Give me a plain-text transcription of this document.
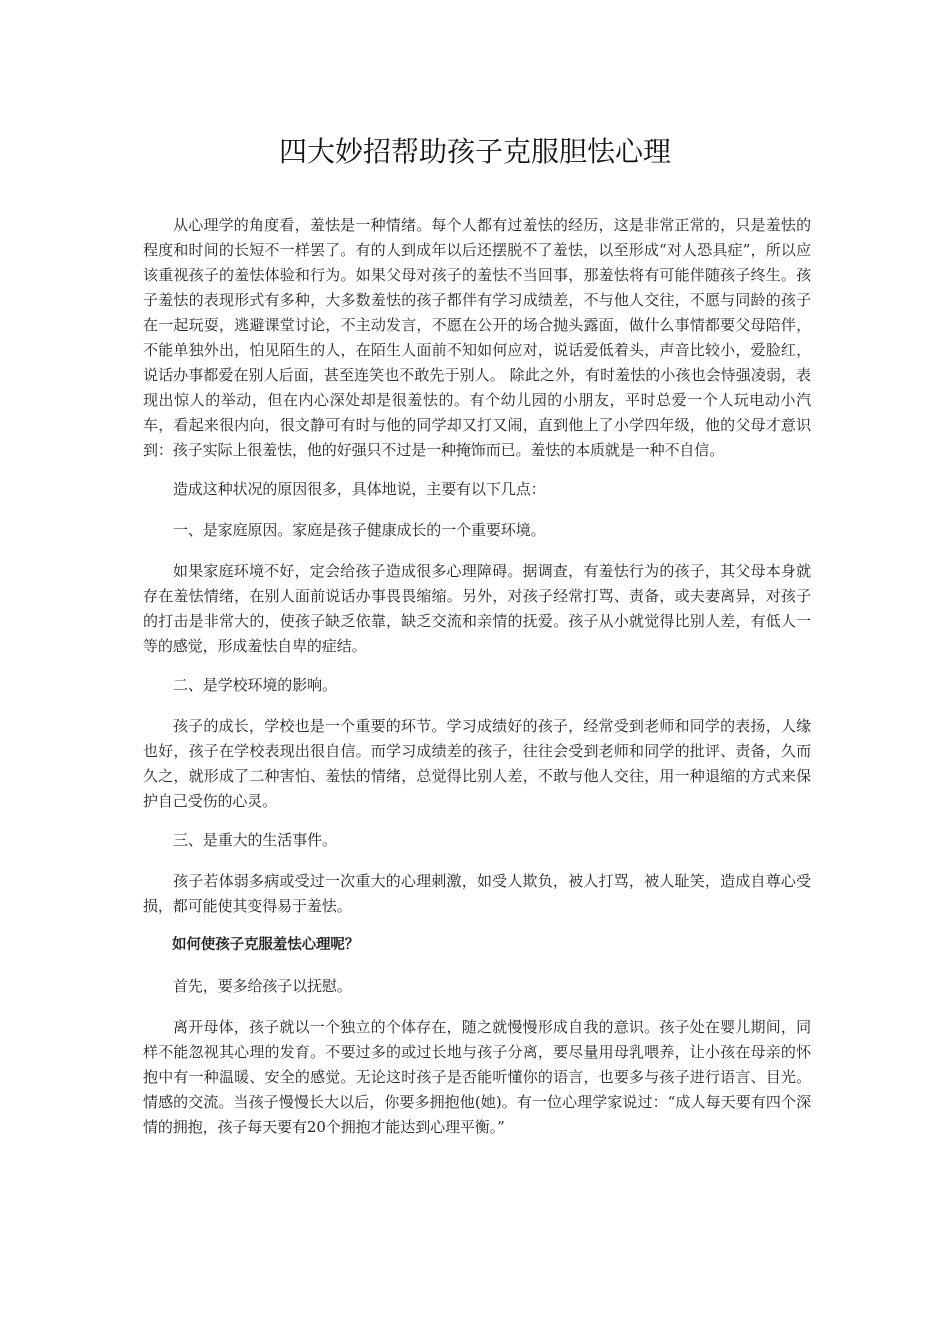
四大妙招帮助孩子克服胆怯心理

从心理学的角度看，羞怯是一种情绪。每个人都有过羞怯的经历，这是非常正常的，只是羞怯的程度和时间的长短不一样罢了。有的人到成年以后还摆脱不了羞怯，以至形成“对人恐具症”，所以应该重视孩子的羞怯体验和行为。如果父母对孩子的羞怯不当回事，那羞怯将有可能伴随孩子终生。孩子羞怯的表现形式有多种，大多数羞怯的孩子都伴有学习成绩差，不与他人交往，不愿与同龄的孩子在一起玩耍，逃避课堂讨论，不主动发言，不愿在公开的场合抛头露面，做什么事情都要父母陪伴，不能单独外出，怕见陌生的人，在陌生人面前不知如何应对，说话爱低着头，声音比较小，爱脸红，说话办事都爱在别人后面，甚至连笑也不敢先于别人。 除此之外，有时羞怯的小孩也会恃强凌弱，表现出惊人的举动，但在内心深处却是很羞怯的。有个幼儿园的小朋友，平时总爱一个人玩电动小汽车，看起来很内向，很文静可有时与他的同学却又打又闹，直到他上了小学四年级，他的父母才意识到：孩子实际上很羞怯，他的好强只不过是一种掩饰而已。羞怯的本质就是一种不自信。

造成这种状况的原因很多，具体地说，主要有以下几点：

一、是家庭原因。家庭是孩子健康成长的一个重要环境。

如果家庭环境不好，定会给孩子造成很多心理障碍。据调查，有羞怯行为的孩子，其父母本身就存在羞怯情绪，在别人面前说话办事畏畏缩缩。另外，对孩子经常打骂、责备，或夫妻离异，对孩子的打击是非常大的，使孩子缺乏依靠，缺乏交流和亲情的抚爱。孩子从小就觉得比别人差，有低人一等的感觉，形成羞怯自卑的症结。

二、是学校环境的影响。

孩子的成长，学校也是一个重要的环节。学习成绩好的孩子，经常受到老师和同学的表扬，人缘也好，孩子在学校表现出很自信。而学习成绩差的孩子，往往会受到老师和同学的批评、责备，久而久之，就形成了二种害怕、羞怯的情绪，总觉得比别人差，不敢与他人交往，用一种退缩的方式来保护自己受伤的心灵。

三、是重大的生活事件。

孩子若体弱多病或受过一次重大的心理刺激，如受人欺负，被人打骂，被人耻笑，造成自尊心受损，都可能使其变得易于羞怯。

如何使孩子克服羞怯心理呢？

首先，要多给孩子以抚慰。

离开母体，孩子就以一个独立的个体存在，随之就慢慢形成自我的意识。孩子处在婴儿期间，同样不能忽视其心理的发育。不要过多的或过长地与孩子分离，要尽量用母乳喂养，让小孩在母亲的怀抱中有一种温暖、安全的感觉。无论这时孩子是否能听懂你的语言，也要多与孩子进行语言、目光。情感的交流。当孩子慢慢长大以后，你要多拥抱他(她)。有一位心理学家说过：“成人每天要有四个深情的拥抱，孩子每天要有20个拥抱才能达到心理平衡。”
